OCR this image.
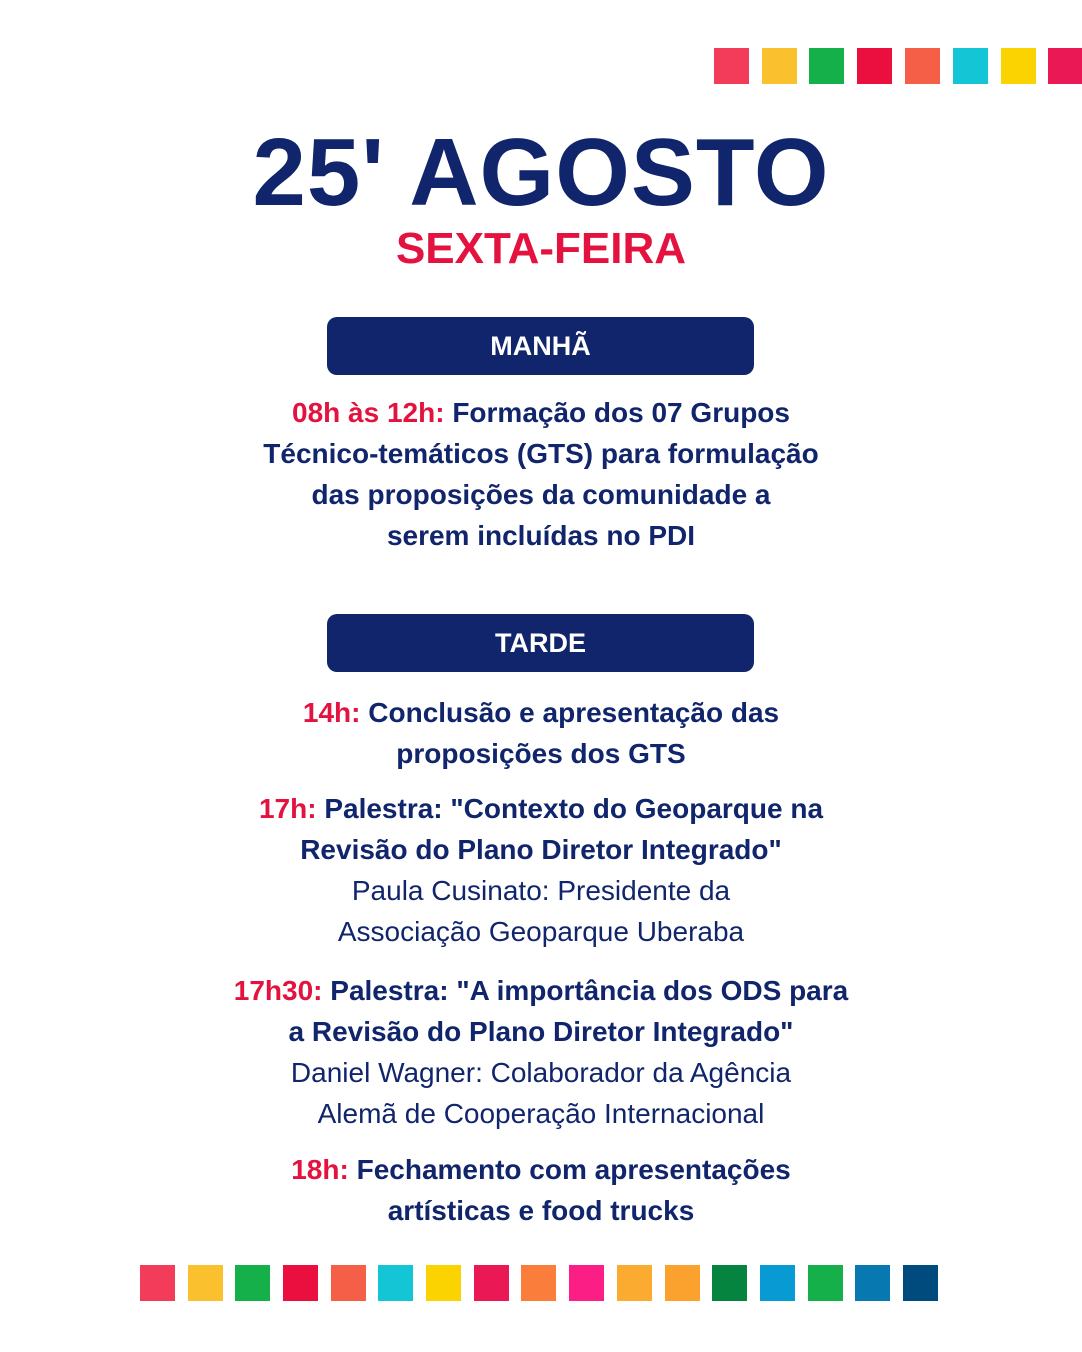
25' AGOSTO
SEXTA-FEIRA
MANHÃ
08h às 12h: Formação dos 07 Grupos
Técnico-temáticos (GTS) para formulação
das proposições da comunidade a
serem incluídas no PDI
TARDE
14h: Conclusão e apresentação das
proposições dos GTS
17h: Palestra: "Contexto do Geoparque na
Revisão do Plano Diretor Integrado"
Paula Cusinato: Presidente da
Associação Geoparque Uberaba
17h30: Palestra: "A importância dos ODS para
a Revisão do Plano Diretor Integrado"
Daniel Wagner: Colaborador da Agência
Alemã de Cooperação Internacional
18h: Fechamento com apresentações
artísticas e food trucks
